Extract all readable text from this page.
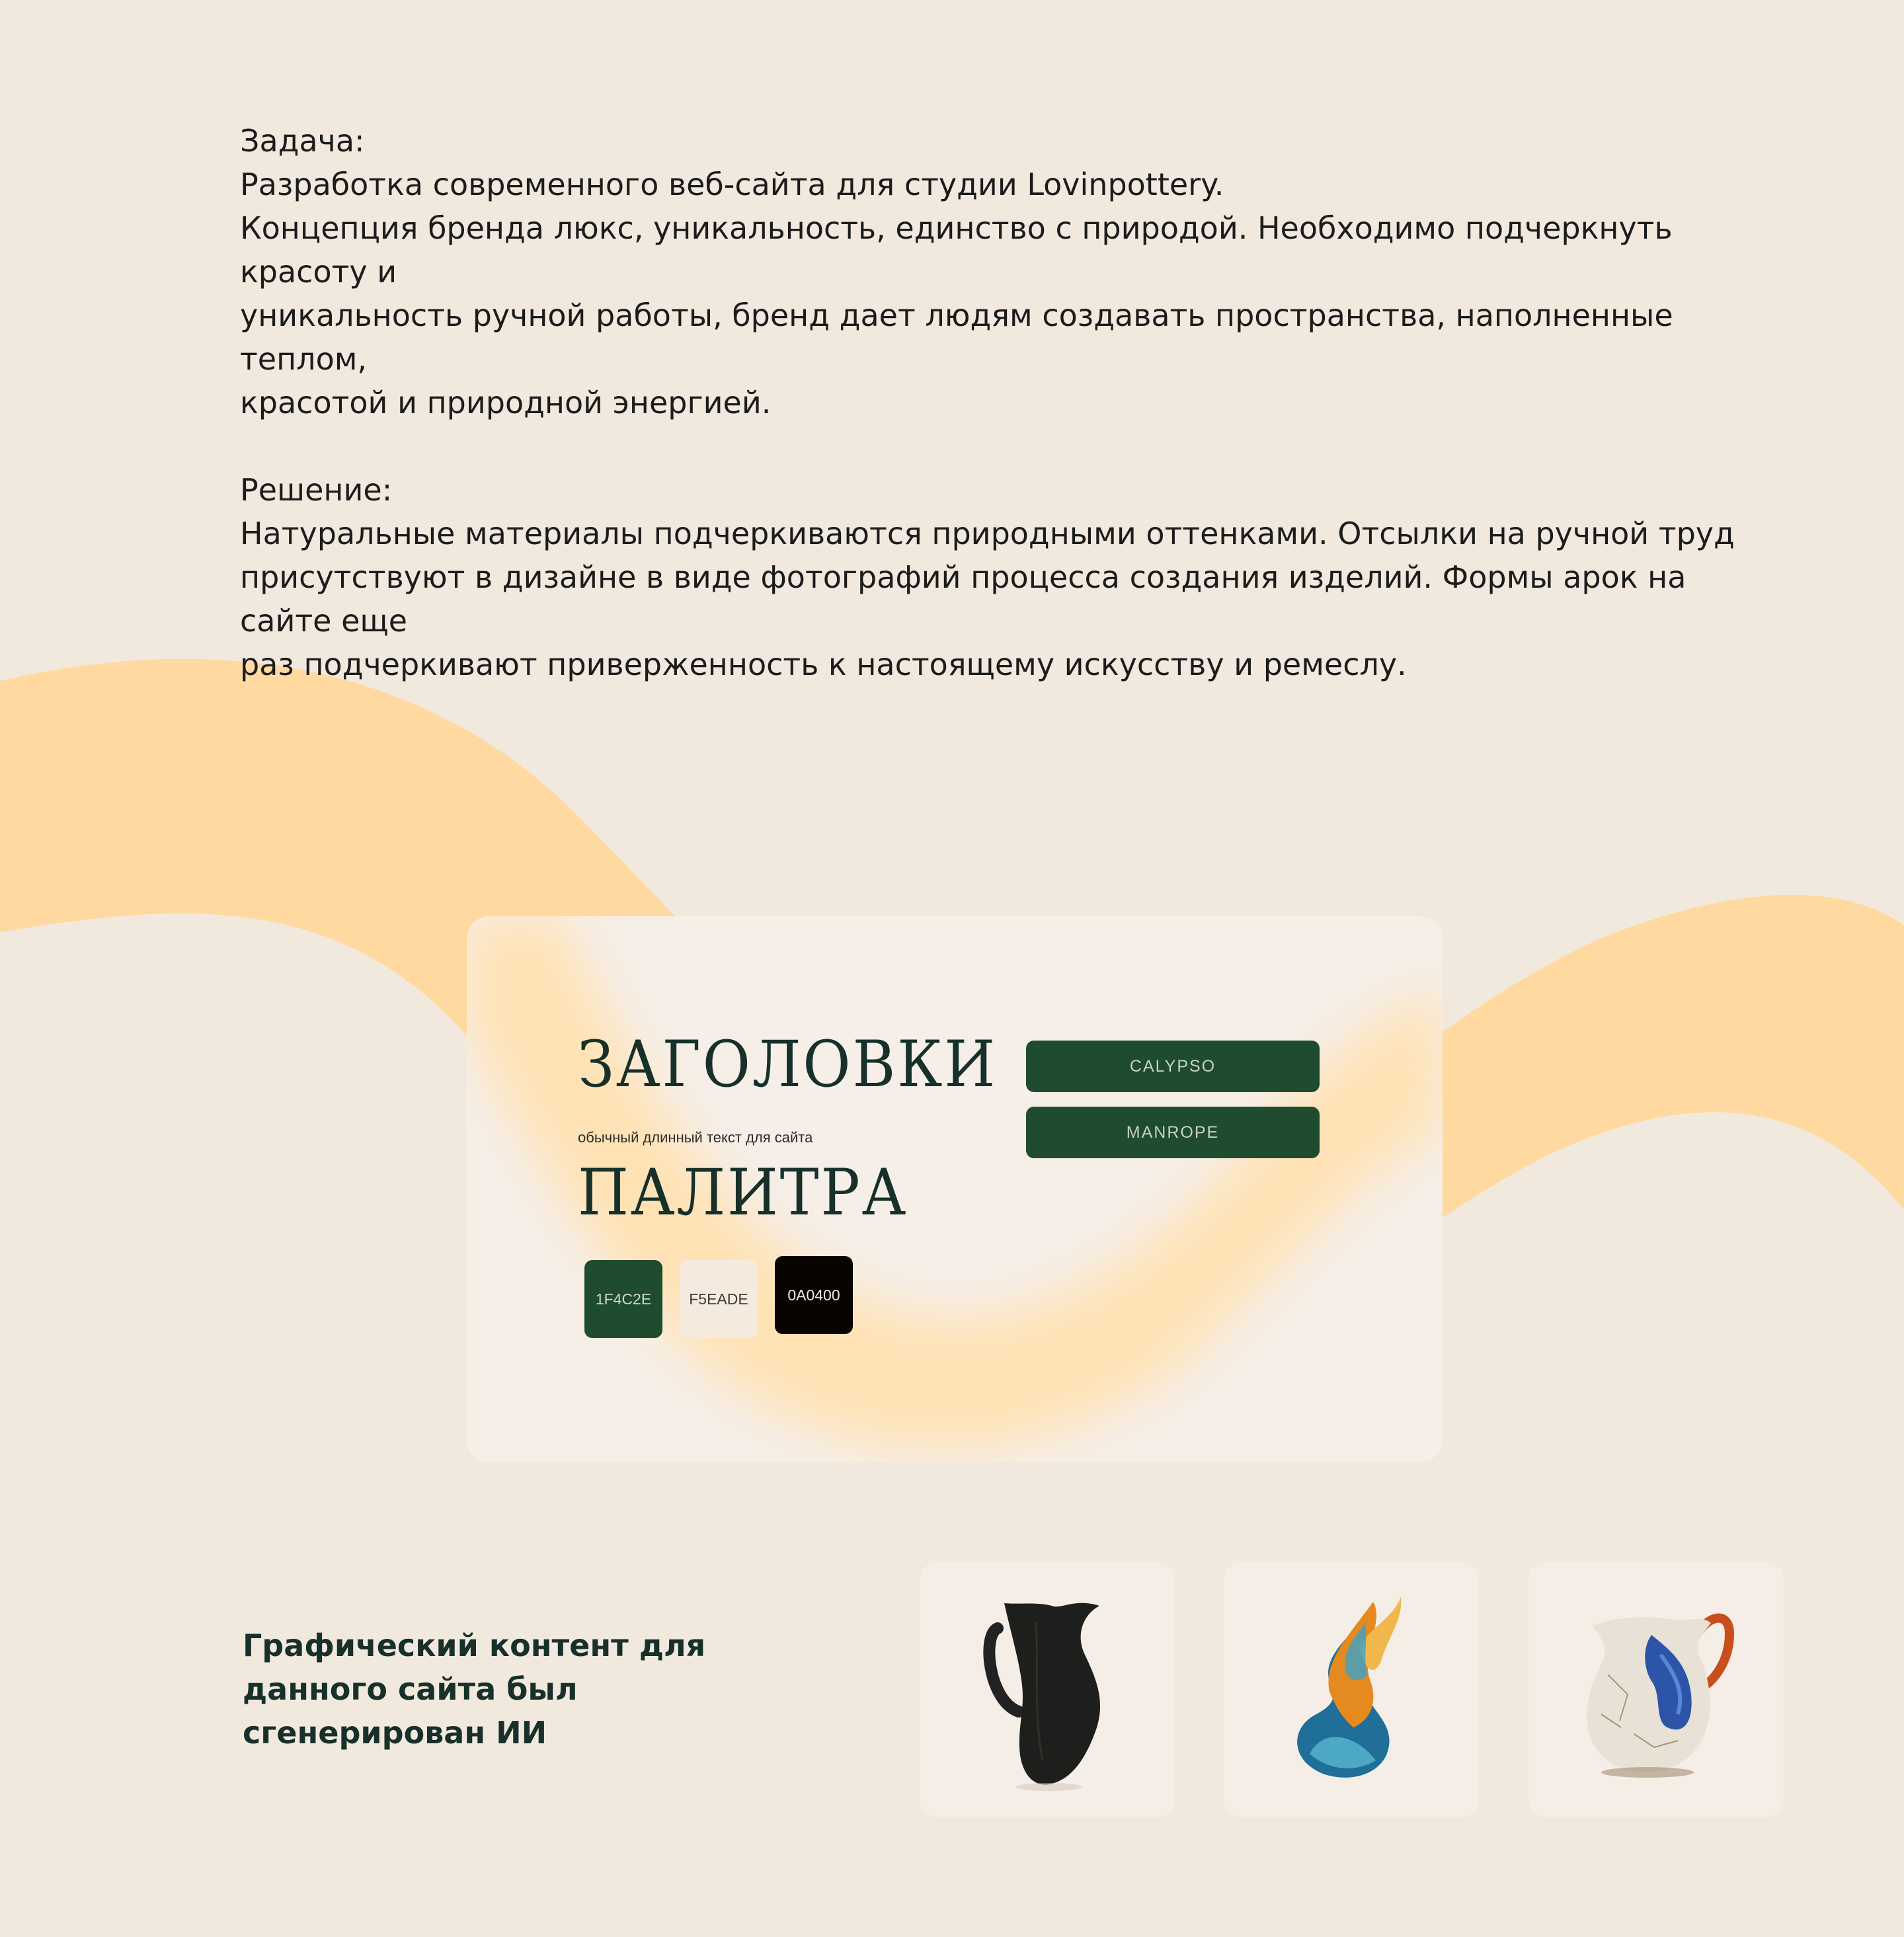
Задача:

Разработка современного веб-сайта для студии Lovinpottery.

Концепция бренда люкс, уникальность, единство с природой. Необходимо подчеркнуть красоту и

уникальность ручной работы, бренд дает людям создавать пространства, наполненные теплом,

красотой и природной энергией.

Решение:

Натуральные материалы подчеркиваются природными оттенками. Отсылки на ручной труд

присутствуют в дизайне в виде фотографий процесса создания изделий. Формы арок на сайте еще

раз подчеркивают приверженность к настоящему искусству и ремеслу.

ЗАГОЛОВКИ
обычный длинный текст для сайта
ПАЛИТРА
1F4C2E	F5EADE	0A0400
CALYPSO
MANROPE

Графический контент для
данного сайта был
сгенерирован ИИ
